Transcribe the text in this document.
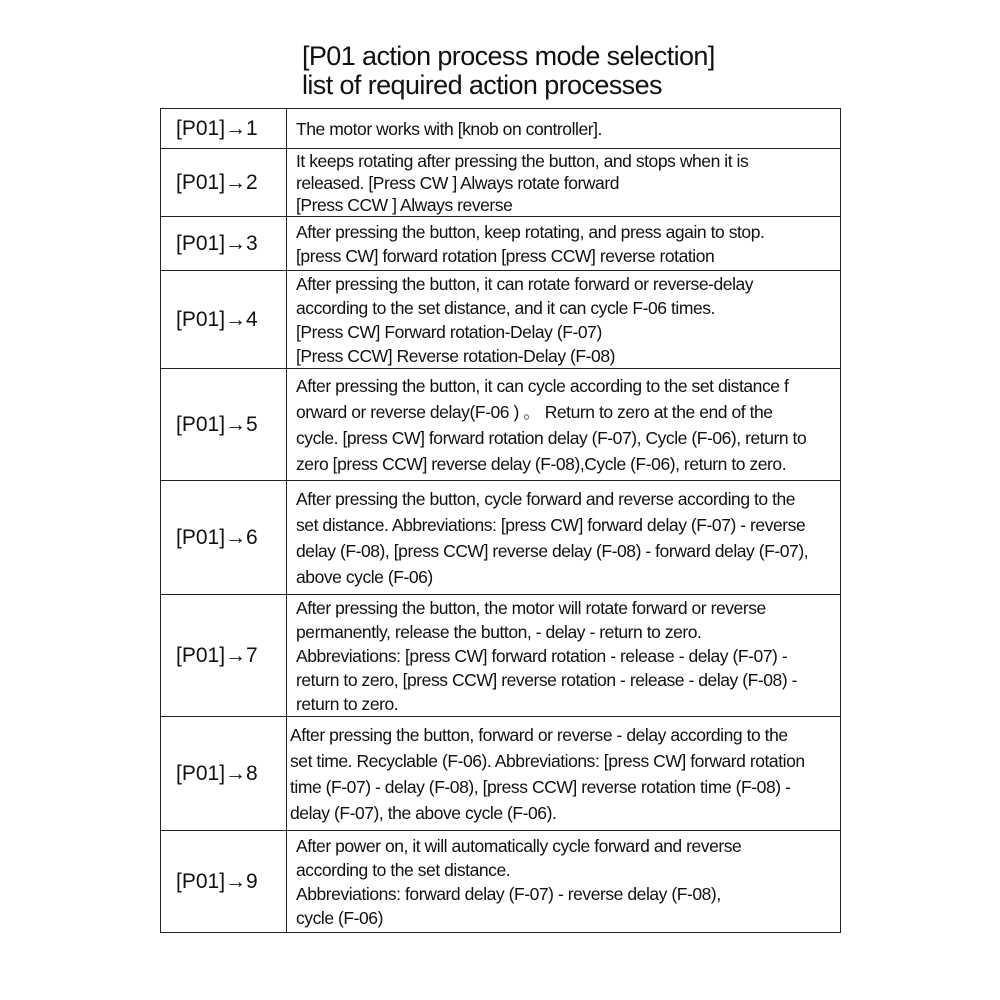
[P01 action process mode selection]
list of required action processes
[P01]→1	The motor works with [knob on controller].

[P01]→2	It keeps rotating after pressing the button, and stops when it is
released. [Press CW ] Always rotate forward
[Press CCW ] Always reverse

[P01]→3	After pressing the button, keep rotating, and press again to stop.
[press CW] forward rotation [press CCW] reverse rotation

[P01]→4	After pressing the button, it can rotate forward or reverse-delay
according to the set distance, and it can cycle F-06 times.
[Press CW] Forward rotation-Delay (F-07)
[Press CCW] Reverse rotation-Delay (F-08)

[P01]→5	After pressing the button, it can cycle according to the set distance f
orward or reverse delay(F-06 ) 。 Return to zero at the end of the
cycle. [press CW] forward rotation delay (F-07), Cycle (F-06), return to
zero [press CCW] reverse delay (F-08),Cycle (F-06), return to zero.

[P01]→6	After pressing the button, cycle forward and reverse according to the
set distance. Abbreviations: [press CW] forward delay (F-07) - reverse
delay (F-08), [press CCW] reverse delay (F-08) - forward delay (F-07),
above cycle (F-06)

[P01]→7	After pressing the button, the motor will rotate forward or reverse
permanently, release the button, - delay - return to zero.
Abbreviations: [press CW] forward rotation - release - delay (F-07) -
return to zero, [press CCW] reverse rotation - release - delay (F-08) -
return to zero.

[P01]→8	After pressing the button, forward or reverse - delay according to the
set time. Recyclable (F-06). Abbreviations: [press CW] forward rotation
time (F-07) - delay (F-08), [press CCW] reverse rotation time (F-08) -
delay (F-07), the above cycle (F-06).

[P01]→9	After power on, it will automatically cycle forward and reverse
according to the set distance.
Abbreviations: forward delay (F-07) - reverse delay (F-08),
cycle (F-06)
